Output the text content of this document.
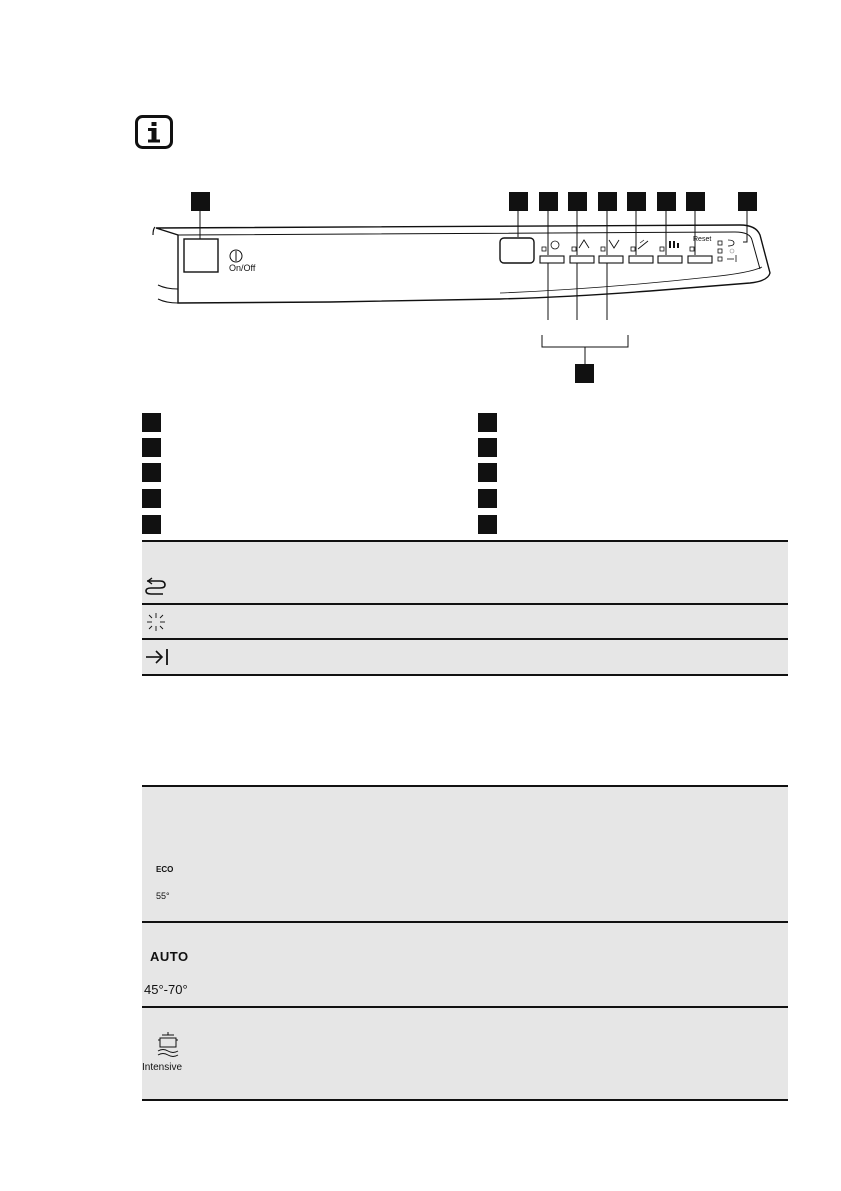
On/Off
Reset
ECO
55°
AUTO
45°-70°
Intensive
